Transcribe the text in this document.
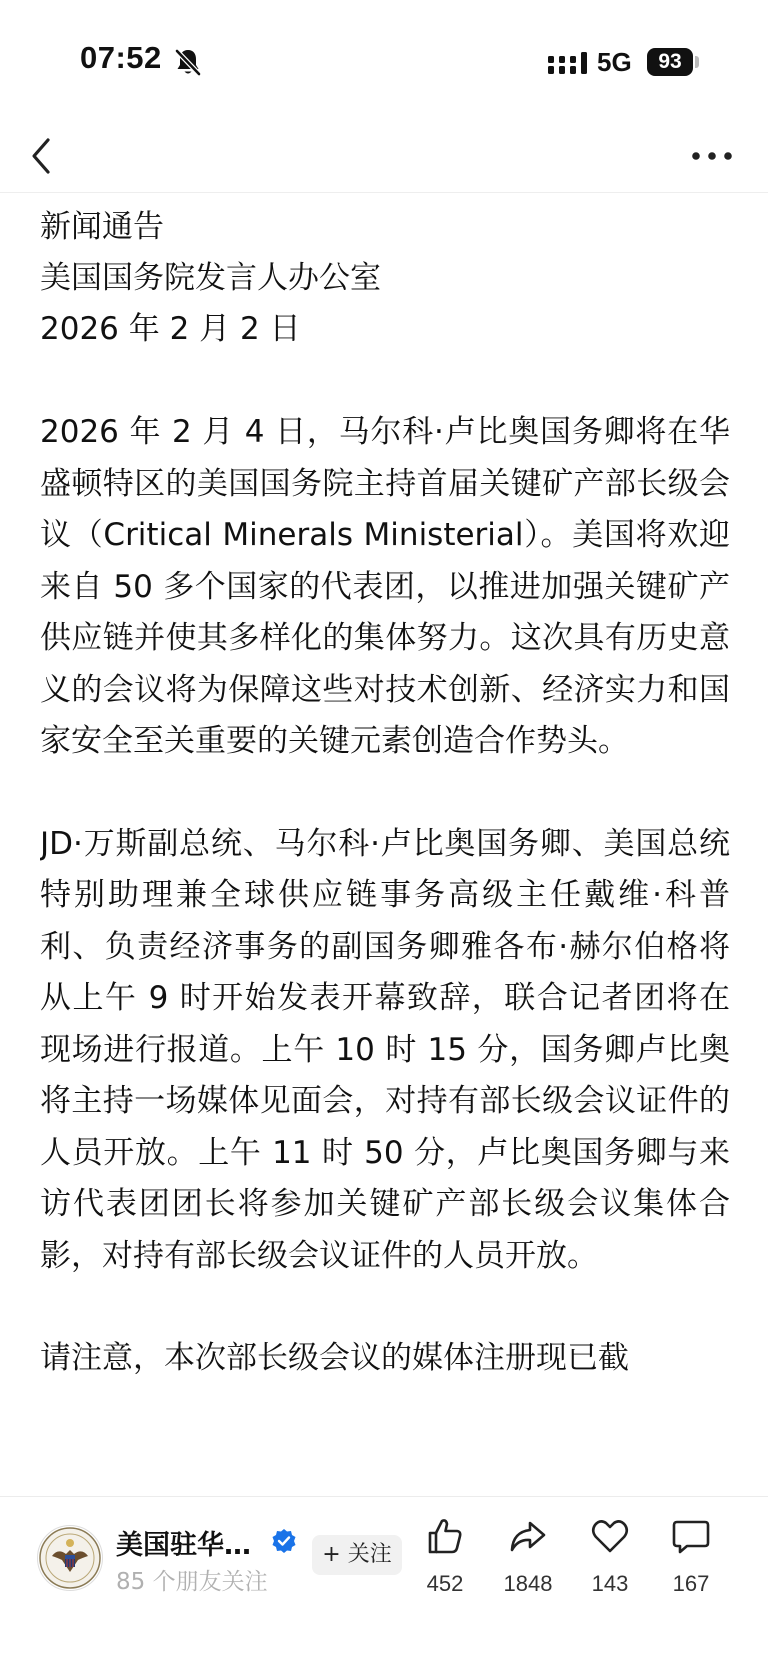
07:52	5G	93

新闻通告

美国国务院发言人办公室

2026 年 2 月 2 日

2026 年 2 月 4 日，马尔科·卢比奥国务卿将在华盛顿特区的美国国务院主持首届关键矿产部长级会议（Critical Minerals Ministerial）。美国将欢迎来自 50 多个国家的代表团，以推进加强关键矿产供应链并使其多样化的集体努力。这次具有历史意义的会议将为保障这些对技术创新、经济实力和国家安全至关重要的关键元素创造合作势头。

JD·万斯副总统、马尔科·卢比奥国务卿、美国总统特别助理兼全球供应链事务高级主任戴维·科普利、负责经济事务的副国务卿雅各布·赫尔伯格将从上午 9 时开始发表开幕致辞，联合记者团将在现场进行报道。上午 10 时 15 分，国务卿卢比奥将主持一场媒体见面会，对持有部长级会议证件的人员开放。上午 11 时 50 分，卢比奥国务卿与来访代表团团长将参加关键矿产部长级会议集体合影，对持有部长级会议证件的人员开放。

请注意，本次部长级会议的媒体注册现已截

美国驻华…
85 个朋友关注
+ 关注
452	1848	143	167
